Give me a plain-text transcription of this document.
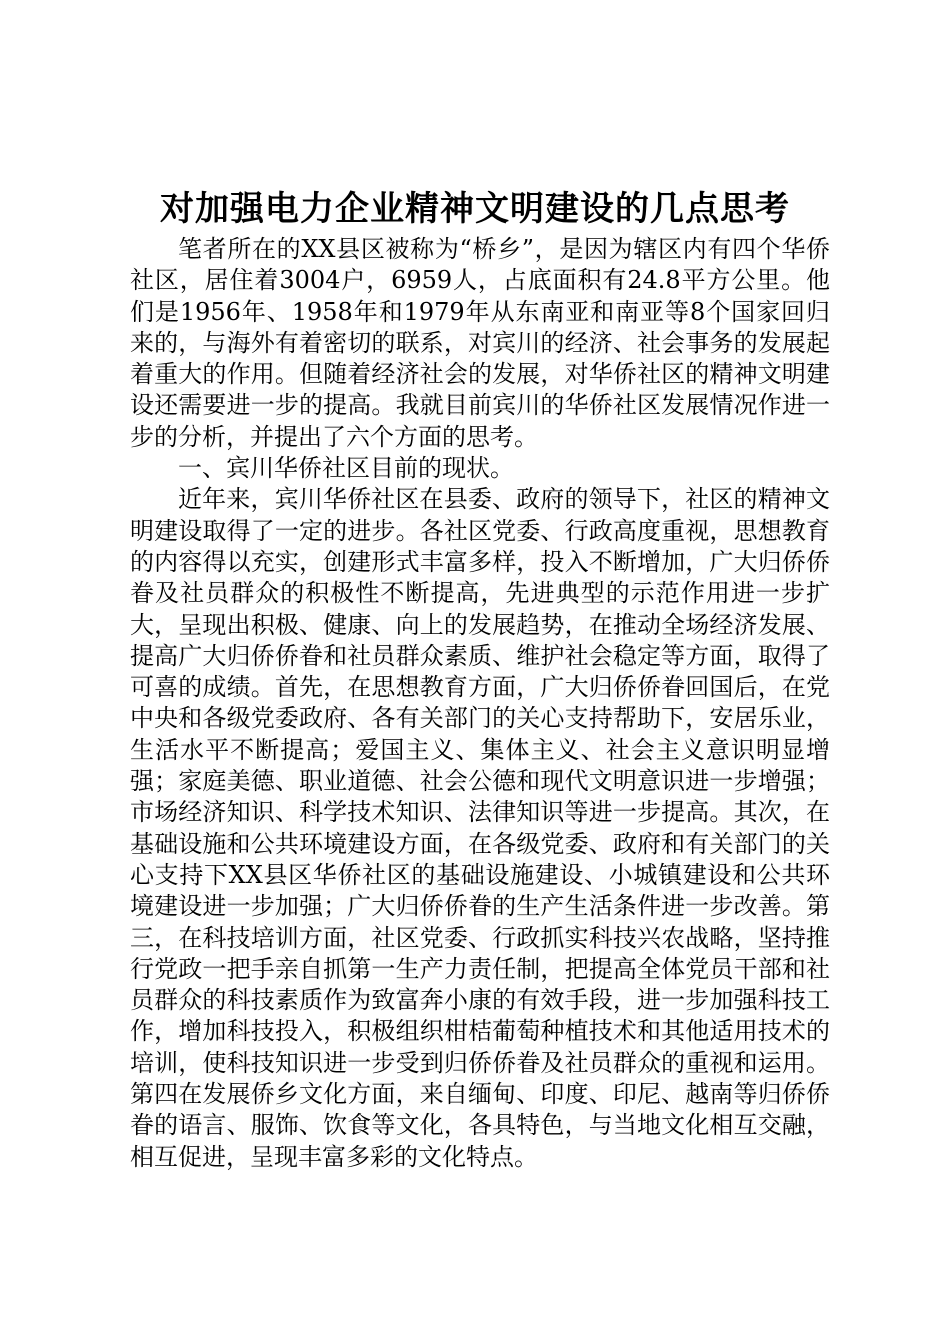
对加强电力企业精神文明建设的几点思考

笔者所在的XX县区被称为“桥乡”，是因为辖区内有四个华侨社区，居住着3004户，6959人，占底面积有24.8平方公里。他们是1956年、1958年和1979年从东南亚和南亚等8个国家回归来的，与海外有着密切的联系，对宾川的经济、社会事务的发展起着重大的作用。但随着经济社会的发展，对华侨社区的精神文明建设还需要进一步的提高。我就目前宾川的华侨社区发展情况作进一步的分析，并提出了六个方面的思考。

一、宾川华侨社区目前的现状。

近年来，宾川华侨社区在县委、政府的领导下，社区的精神文明建设取得了一定的进步。各社区党委、行政高度重视，思想教育的内容得以充实，创建形式丰富多样，投入不断增加，广大归侨侨眷及社员群众的积极性不断提高，先进典型的示范作用进一步扩大，呈现出积极、健康、向上的发展趋势，在推动全场经济发展、提高广大归侨侨眷和社员群众素质、维护社会稳定等方面，取得了可喜的成绩。首先，在思想教育方面，广大归侨侨眷回国后，在党中央和各级党委政府、各有关部门的关心支持帮助下，安居乐业，生活水平不断提高；爱国主义、集体主义、社会主义意识明显增强；家庭美德、职业道德、社会公德和现代文明意识进一步增强；市场经济知识、科学技术知识、法律知识等进一步提高。其次，在基础设施和公共环境建设方面，在各级党委、政府和有关部门的关心支持下XX县区华侨社区的基础设施建设、小城镇建设和公共环境建设进一步加强；广大归侨侨眷的生产生活条件进一步改善。第三，在科技培训方面，社区党委、行政抓实科技兴农战略，坚持推行党政一把手亲自抓第一生产力责任制，把提高全体党员干部和社员群众的科技素质作为致富奔小康的有效手段，进一步加强科技工作，增加科技投入，积极组织柑桔葡萄种植技术和其他适用技术的培训，使科技知识进一步受到归侨侨眷及社员群众的重视和运用。第四在发展侨乡文化方面，来自缅甸、印度、印尼、越南等归侨侨眷的语言、服饰、饮食等文化，各具特色，与当地文化相互交融，相互促进，呈现丰富多彩的文化特点。
